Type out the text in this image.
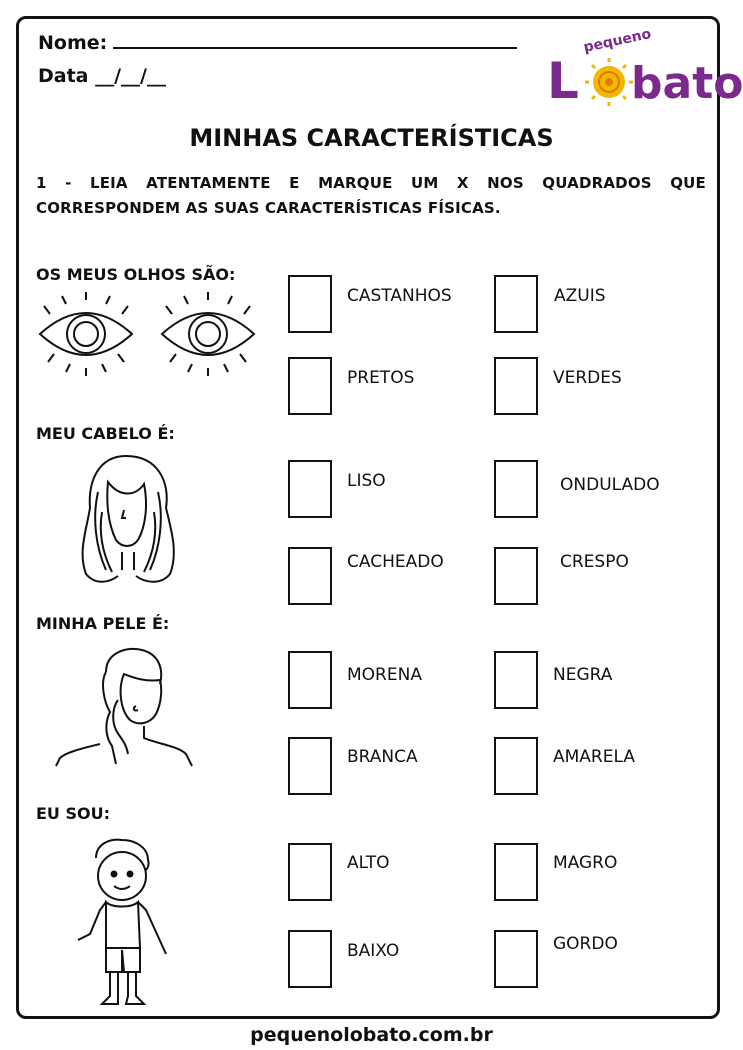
Nome:
Data __/__/__
pequeno
L bato
MINHAS CARACTERÍSTICAS
1 - LEIA ATENTAMENTE E MARQUE UM X NOS QUADRADOS QUE CORRESPONDEM AS SUAS CARACTERÍSTICAS FÍSICAS.
OS MEUS OLHOS SÃO:
CASTANHOS	AZUIS
PRETOS	VERDES
MEU CABELO É:
LISO	ONDULADO
CACHEADO	CRESPO
MINHA PELE É:
MORENA	NEGRA
BRANCA	AMARELA
EU SOU:
ALTO	MAGRO
BAIXO	GORDO
pequenolobato.com.br
